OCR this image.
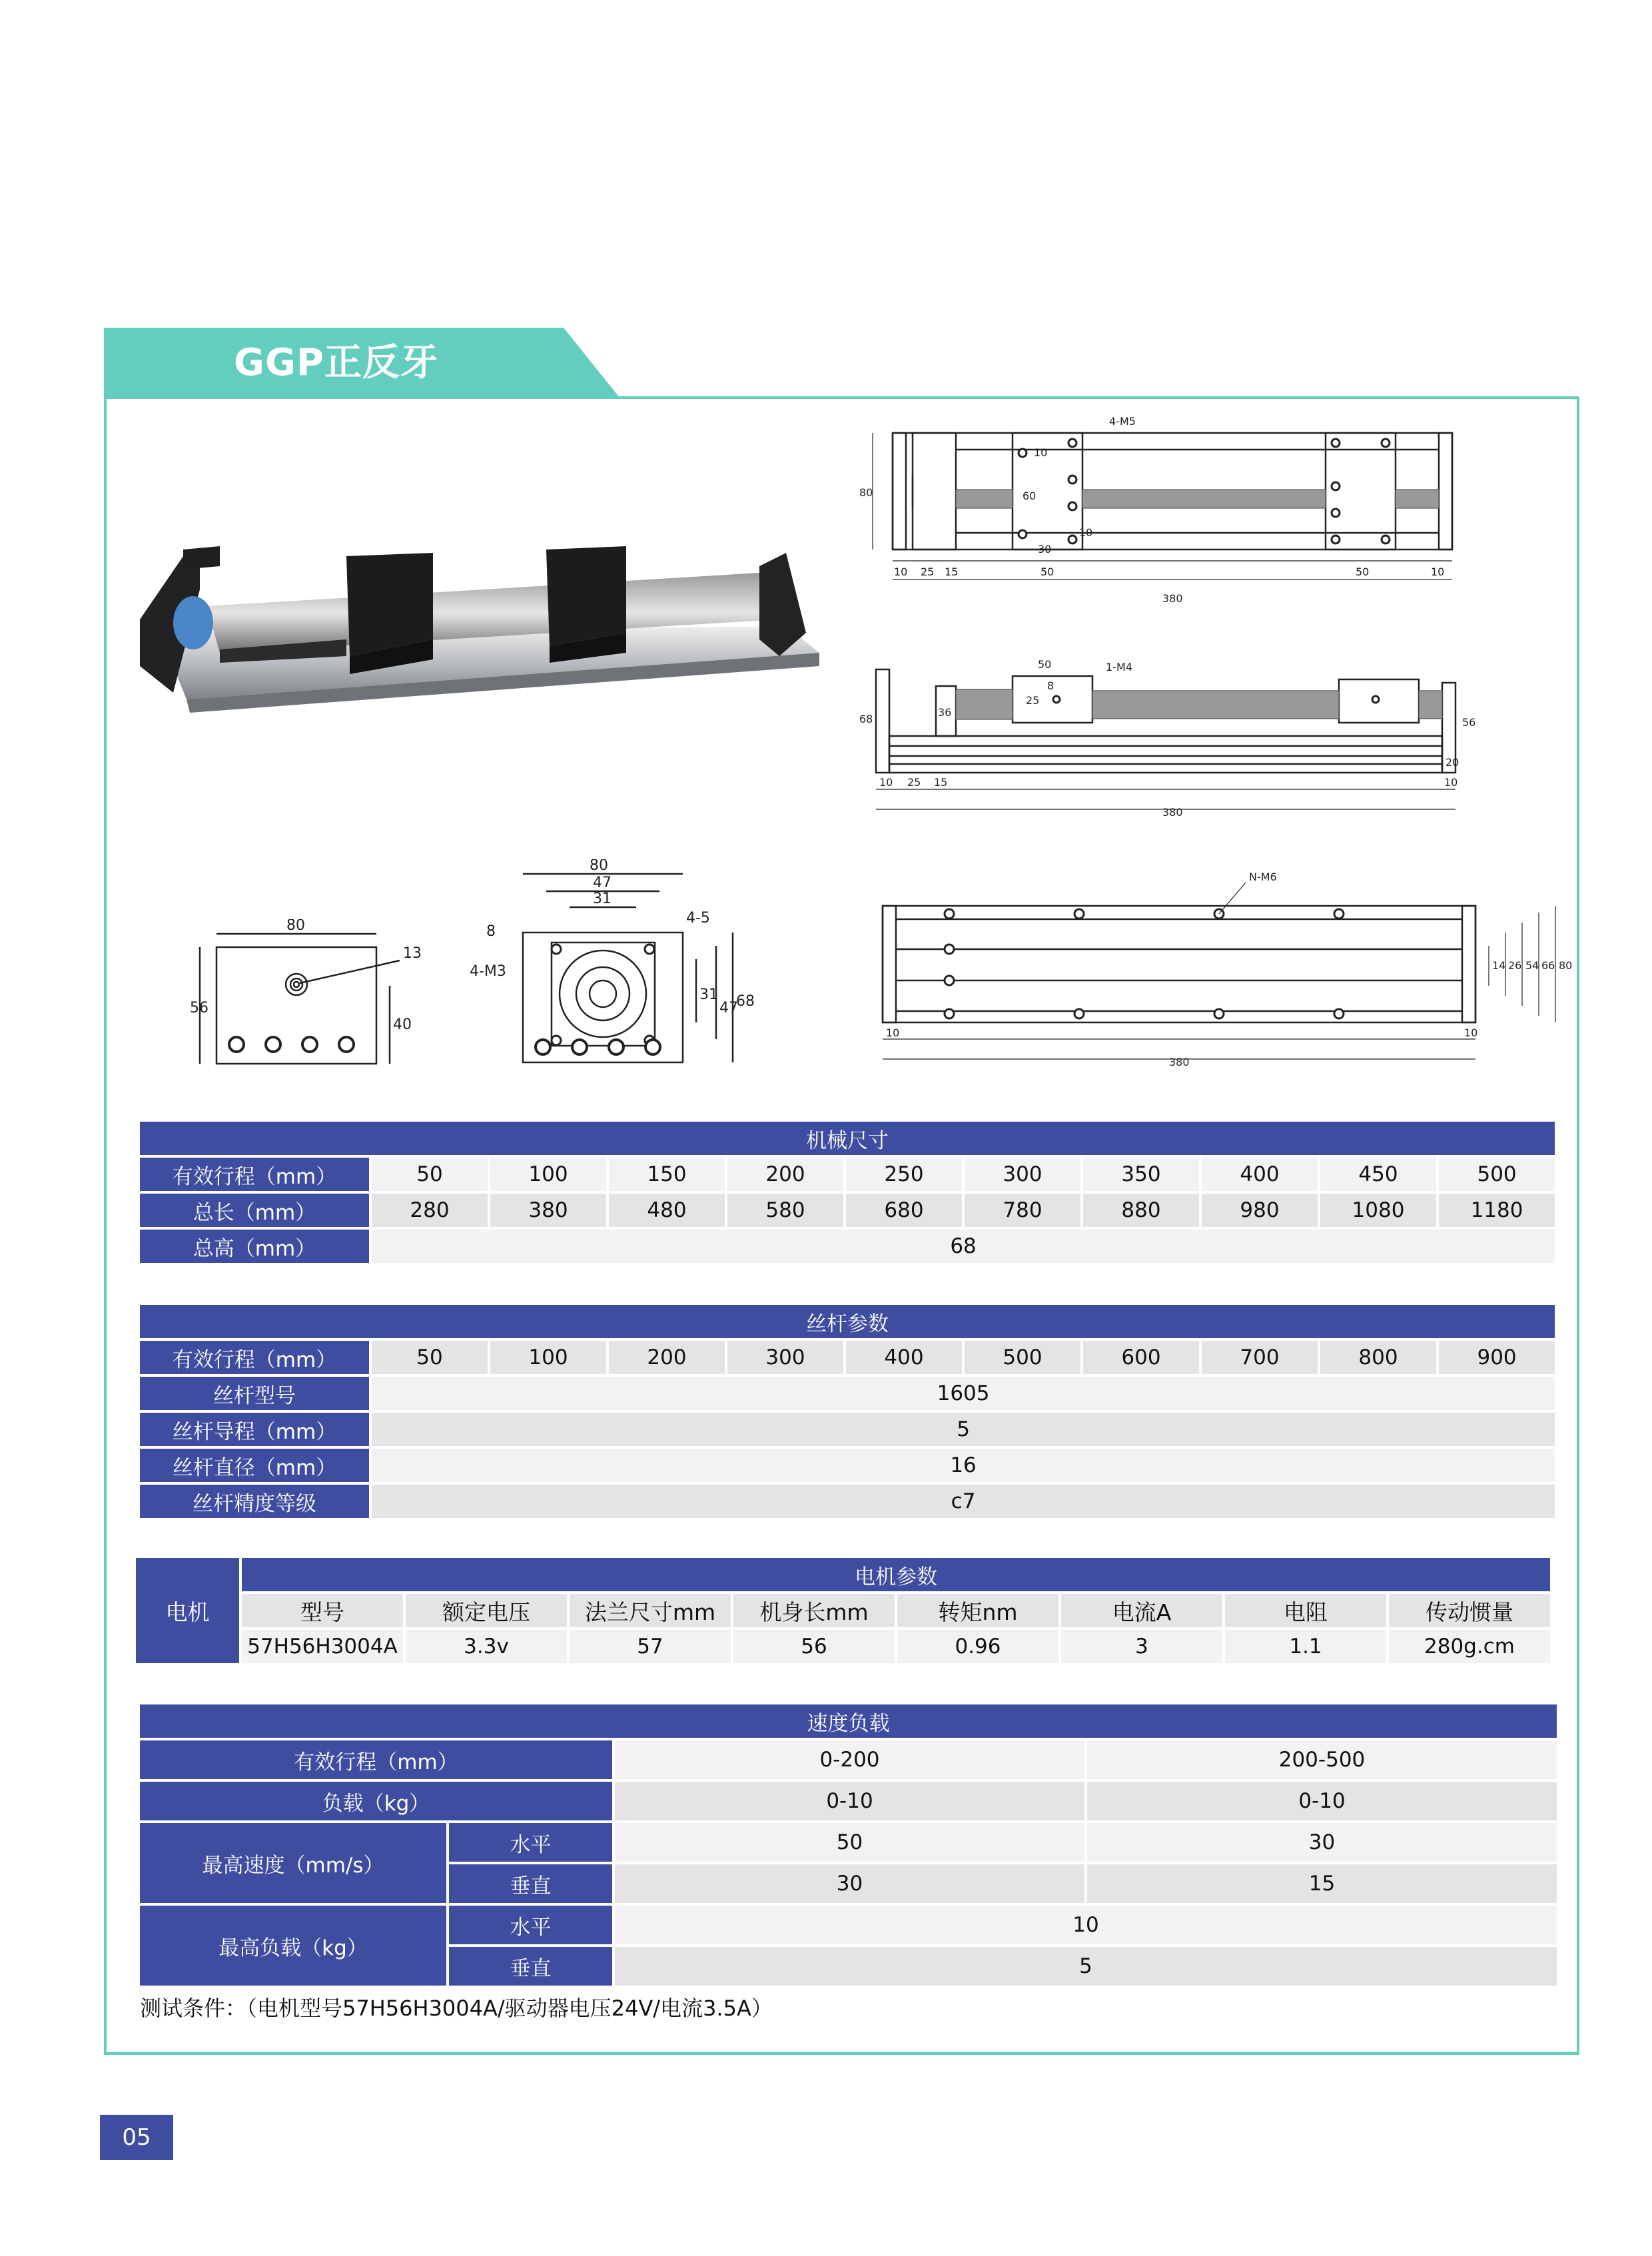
GGP正反牙
4-M5
10
60
10
30
80
10 25 15	50	50	10
380
50	1-M4
8
25
36
68	56
20
10 25 15	10
380
N-M6
14 26 54 66 80
10	10
380
80
13
56
40
80
47
31
4-5
8
4-M3
31
47
68
机械尺寸										
有效行程（mm）	50	100	150	200	250	300	350	400	450	500
总长（mm）	280	380	480	580	680	780	880	980	1080	1180
总高（mm）	68									
丝杆参数										
有效行程（mm）	50	100	200	300	400	500	600	700	800	900
丝杆型号	1605									
丝杆导程（mm）	5									
丝杆直径（mm）	16									
丝杆精度等级	c7									
电机	电机参数							
	型号	额定电压	法兰尺寸mm	机身长mm	转矩nm	电流A	电阻	传动惯量
	57H56H3004A	3.3v	57	56	0.96	3	1.1	280g.cm
速度负载			
有效行程（mm）		0-200	200-500
负载（kg）		0-10	0-10
最高速度（mm/s）	水平	50	30
	垂直	30	15
最高负载（kg）	水平	10	
	垂直	5	
测试条件：（电机型号57H56H3004A/驱动器电压24V/电流3.5A）
05
